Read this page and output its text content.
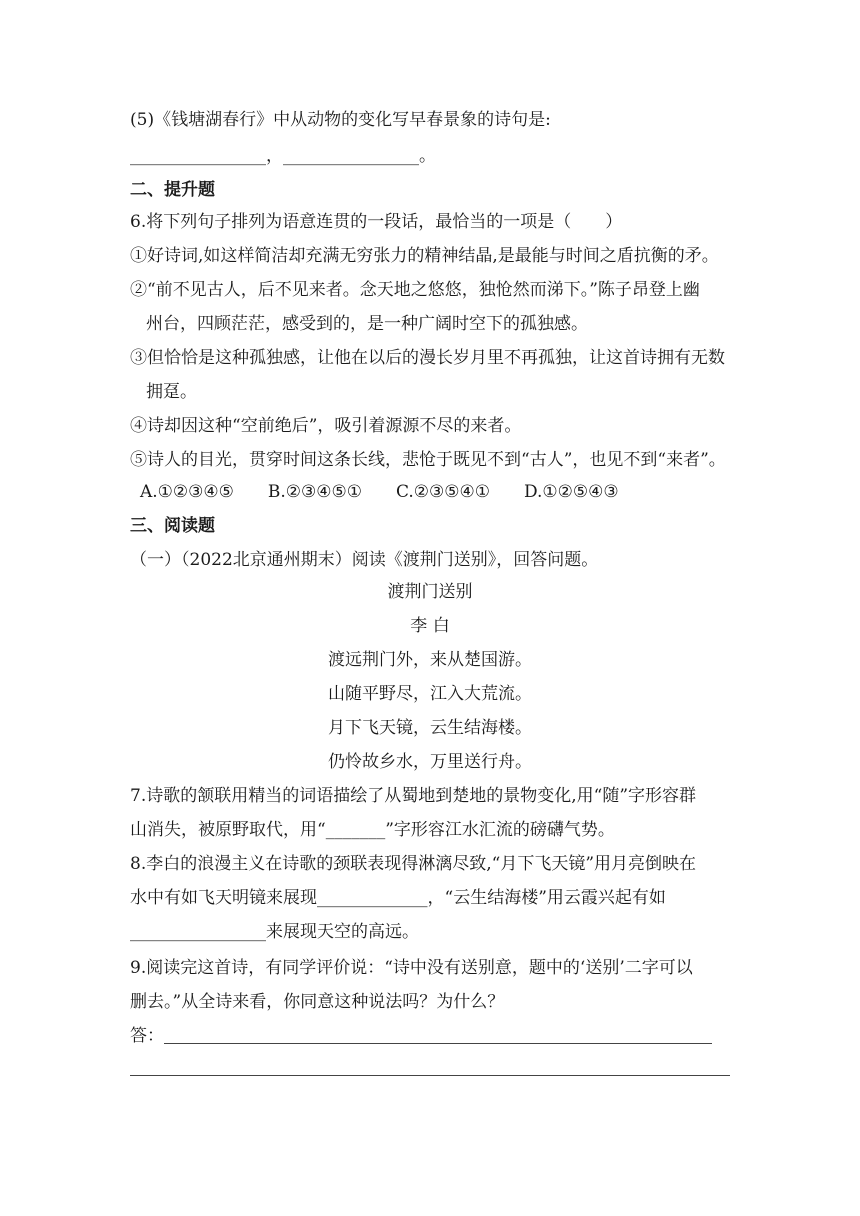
(5)《钱塘湖春行》中从动物的变化写早春景象的诗句是:
________________，________________。
二、提升题
6.将下列句子排列为语意连贯的一段话，最恰当的一项是（　　）
①好诗词,如这样简洁却充满无穷张力的精神结晶,是最能与时间之盾抗衡的矛。
②“前不见古人，后不见来者。念天地之悠悠，独怆然而涕下。”陈子昂登上幽
州台，四顾茫茫，感受到的，是一种广阔时空下的孤独感。
③但恰恰是这种孤独感，让他在以后的漫长岁月里不再孤独，让这首诗拥有无数
拥趸。
④诗却因这种“空前绝后”，吸引着源源不尽的来者。
⑤诗人的目光，贯穿时间这条长线，悲怆于既见不到“古人”，也见不到“来者”。
A.①②③④⑤　　B.②③④⑤①　　C.②③⑤④①　　D.①②⑤④③
三、阅读题
（一）（2022北京通州期末）阅读《渡荆门送别》，回答问题。
渡荆门送别
李 白
渡远荆门外，来从楚国游。
山随平野尽，江入大荒流。
月下飞天镜，云生结海楼。
仍怜故乡水，万里送行舟。
7.诗歌的颔联用精当的词语描绘了从蜀地到楚地的景物变化,用“随”字形容群
山消失，被原野取代，用“_______”字形容江水汇流的磅礴气势。
8.李白的浪漫主义在诗歌的颈联表现得淋漓尽致,“月下飞天镜”用月亮倒映在
水中有如飞天明镜来展现_____________，“云生结海楼”用云霞兴起有如
________________来展现天空的高远。
9.阅读完这首诗，有同学评价说：“诗中没有送别意，题中的‘送别’二字可以
删去。”从全诗来看，你同意这种说法吗？为什么？
答：
